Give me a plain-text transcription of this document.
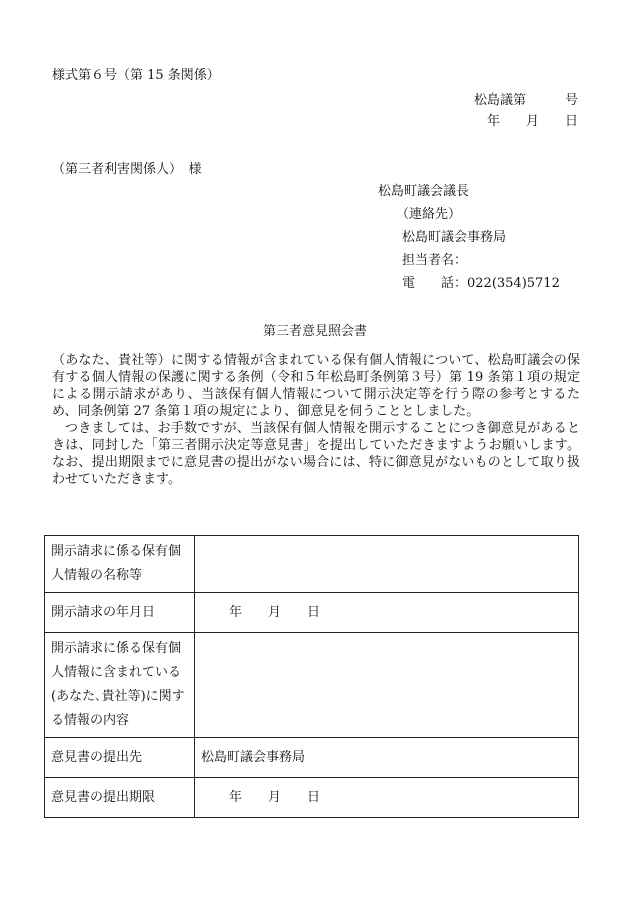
様式第６号（第 15 条関係）
松島議第　　　号
年　　月　　日
（第三者利害関係人）　様
松島町議会議長
（連絡先）
松島町議会事務局
担当者名：
電　　話：022(354)5712
第三者意見照会書

（あなた、貴社等）に関する情報が含まれている保有個人情報について、松島町議会の保有する個人情報の保護に関する条例（令和５年松島町条例第３号）第 19 条第１項の規定による開示請求があり、当該保有個人情報について開示決定等を行う際の参考とするため、同条例第 27 条第１項の規定により、御意見を伺うこととしました。

つきましては、お手数ですが、当該保有個人情報を開示することにつき御意見があるときは、同封した「第三者開示決定等意見書」を提出していただきますようお願いします。なお、提出期限までに意見書の提出がない場合には、特に御意見がないものとして取り扱わせていただきます。

開示請求に係る保有個人情報の名称等	
開示請求の年月日	年　　月　　日
開示請求に係る保有個人情報に含まれている(あなた､貴社等)に関する情報の内容	
意見書の提出先	松島町議会事務局
意見書の提出期限	年　　月　　日
